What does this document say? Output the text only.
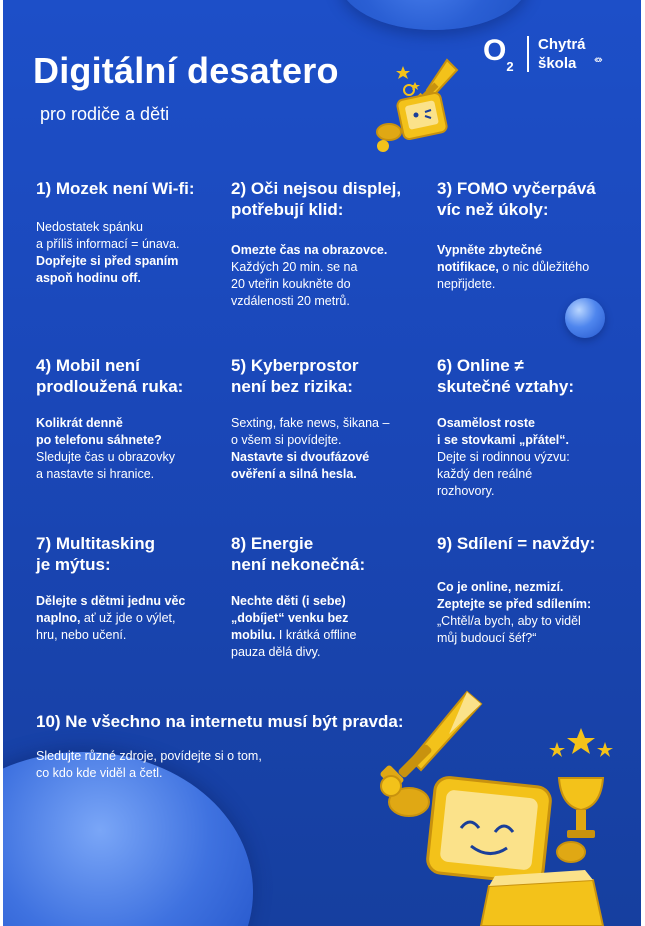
Digitální desatero
pro rodiče a děti
$O_2$
Chytrá
škola	‹‹››
1) Mozek není Wi-fi:

Nedostatek spánku
a příliš informací = únava.
Dopřejte si před spaním
aspoň hodinu off.

2) Oči nejsou displej,
potřebují klid:

Omezte čas na obrazovce.
Každých 20 min. se na
20 vteřin koukněte do
vzdálenosti 20 metrů.

3) FOMO vyčerpává
víc než úkoly:

Vypněte zbytečné
notifikace, o nic důležitého
nepřijdete.

4) Mobil není
prodloužená ruka:

Kolikrát denně
po telefonu sáhnete?
Sledujte čas u obrazovky
a nastavte si hranice.

5) Kyberprostor
není bez rizika:

Sexting, fake news, šikana –
o všem si povídejte.
Nastavte si dvoufázové
ověření a silná hesla.

6) Online ≠
skutečné vztahy:

Osamělost roste
i se stovkami „přátel“.
Dejte si rodinnou výzvu:
každý den reálné
rozhovory.

7) Multitasking
je mýtus:

Dělejte s dětmi jednu věc
naplno, ať už jde o výlet,
hru, nebo učení.

8) Energie
není nekonečná:

Nechte děti (i sebe)
„dobíjet“ venku bez
mobilu. I krátká offline
pauza dělá divy.

9) Sdílení = navždy:

Co je online, nezmizí.
Zeptejte se před sdílením:
„Chtěl/a bych, aby to viděl
můj budoucí šéf?“

10) Ne všechno na internetu musí být pravda:

Sledujte různé zdroje, povídejte si o tom,
co kdo kde viděl a četl.
